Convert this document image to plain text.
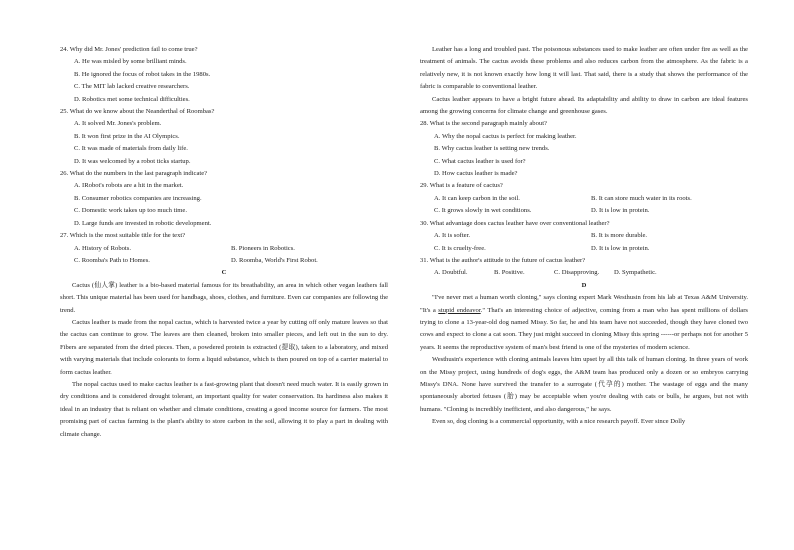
24. Why did Mr. Jones' prediction fail to come true?
A. He was misled by some brilliant minds.
B. He ignored the focus of robot takes in the 1980s.
C. The MIT lab lacked creative researchers.
D. Robotics met some technical difficulties.
25. What do we know about the Neanderthal of Roombas?
A. It solved Mr. Jones's problem.
B. It won first prize in the AI Olympics.
C. It was made of materials from daily life.
D. It was welcomed by a robot ticks startup.
26. What do the numbers in the last paragraph indicate?
A. IRobot's robots are a hit in the market.
B. Consumer robotics companies are increasing.
C. Domestic work takes up too much time.
D. Large funds are invested in robotic development.
27. Which is the most suitable title for the text?
A. History of Robots.	B. Pioneers in Robotics.
C. Roomba's Path to Homes.	D. Roomba, World's First Robot.
C
Cactus (仙人掌) leather is a bio-based material famous for its breathability, an area in which other vegan leathers fall short. This unique material has been used for handbags, shoes, clothes, and furniture. Even car companies are following the trend.
Cactus leather is made from the nopal cactus, which is harvested twice a year by cutting off only mature leaves so that the cactus can continue to grow. The leaves are then cleaned, broken into smaller pieces, and left out in the sun to dry. Fibers are separated from the dried pieces. Then, a powdered protein is extracted (提取), taken to a laboratory, and mixed with varying materials that include colorants to form a liquid substance, which is then poured on top of a carrier material to form cactus leather.
The nopal cactus used to make cactus leather is a fast-growing plant that doesn't need much water. It is easily grown in dry conditions and is considered drought tolerant, an important quality for water conservation. Its hardiness also makes it ideal in an industry that is reliant on whether and climate conditions, creating a good income source for farmers. The most promising part of cactus farming is the plant's ability to store carbon in the soil, allowing it to play a part in dealing with climate change.
Leather has a long and troubled past. The poisonous substances used to make leather are often under fire as well as the treatment of animals. The cactus avoids these problems and also reduces carbon from the atmosphere. As the fabric is a relatively new, it is not known exactly how long it will last. That said, there is a study that shows the performance of the fabric is comparable to conventional leather.
Cactus leather appears to have a bright future ahead. Its adaptability and ability to draw in carbon are ideal features among the growing concerns for climate change and greenhouse gases.
28. What is the second paragraph mainly about?
A. Why the nopal cactus is perfect for making leather.
B. Why cactus leather is setting new trends.
C. What cactus leather is used for?
D. How cactus leather is made?
29. What is a feature of cactus?
A. It can keep carbon in the soil.	B. It can store much water in its roots.
C. It grows slowly in wet conditions.	D. It is low in protein.
30. What advantage does cactus leather have over conventional leather?
A. It is softer.	B. It is more durable.
C. It is cruelty-free.	D. It is low in protein.
31. What is the author's attitude to the future of cactus leather?
A. Doubtful.	B. Positive.	C. Disapproving.	D. Sympathetic.
D
"I've never met a human worth cloning," says cloning expert Mark Westhusin from his lab at Texas A&M University. "It's a stupid endeavor." That's an interesting choice of adjective, coming from a man who has spent millions of dollars trying to clone a 13-year-old dog named Missy. So far, he and his team have not succeeded, though they have cloned two cows and expect to clone a cat soon. They just might succeed in cloning Missy this spring ------or perhaps not for another 5 years. It seems the reproductive system of man's best friend is one of the mysteries of modern science.
Westhusin's experience with cloning animals leaves him upset by all this talk of human cloning. In three years of work on the Missy project, using hundreds of dog's eggs, the A&M team has produced only a dozen or so embryos carrying Missy's DNA. None have survived the transfer to a surrogate (代孕的) mother. The wastage of eggs and the many spontaneously aborted fetuses (胎) may be acceptable when you're dealing with cats or bulls, he argues, but not with humans. "Cloning is incredibly inefficient, and also dangerous," he says.
Even so, dog cloning is a commercial opportunity, with a nice research payoff. Ever since Dolly
